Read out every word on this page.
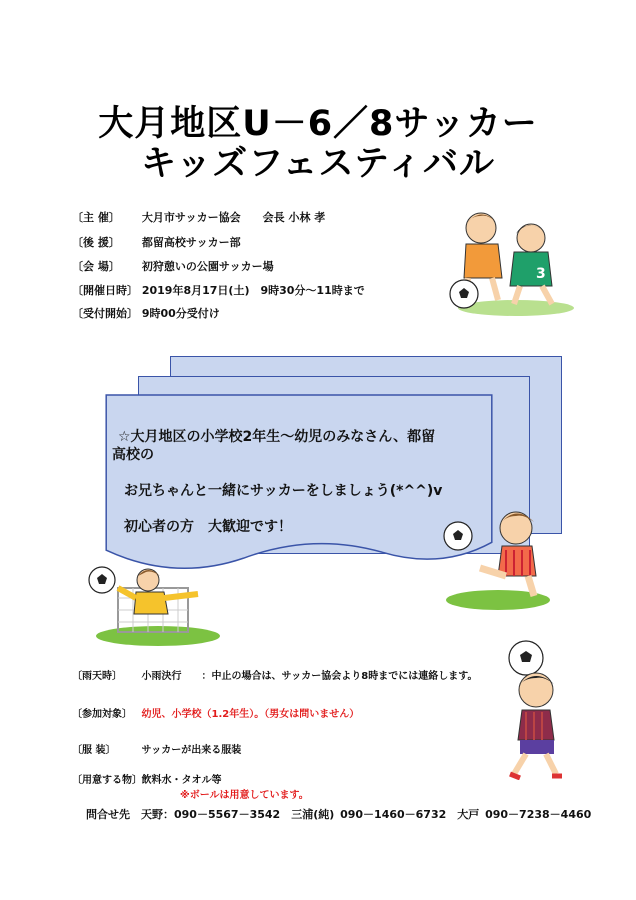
大月地区U－6／8サッカー
キッズフェスティバル
〔主 催〕 大月市サッカー協会　　会長 小林 孝
〔後 援〕 都留高校サッカー部
〔会 場〕 初狩憩いの公園サッカー場
〔開催日時〕 2019年8月17日(土)　9時30分～11時まで
〔受付開始〕 9時00分受付け
3
☆大月地区の小学校2年生～幼児のみなさん、都留
高校の
お兄ちゃんと一緒にサッカーをしましょう(*^^)v
初心者の方　大歓迎です！
〔雨天時〕 小雨決行　　：中止の場合は、サッカー協会より8時までには連絡します。
〔参加対象〕 幼児、小学校（1.2年生）。（男女は問いません）
〔服 装〕	サッカーが出来る服装
〔用意する物〕 飲料水・タオル等
※ボールは用意しています。
問合せ先　天野：090－5567－3542　三浦(純) 090－1460－6732　大戸 090－7238－4460
